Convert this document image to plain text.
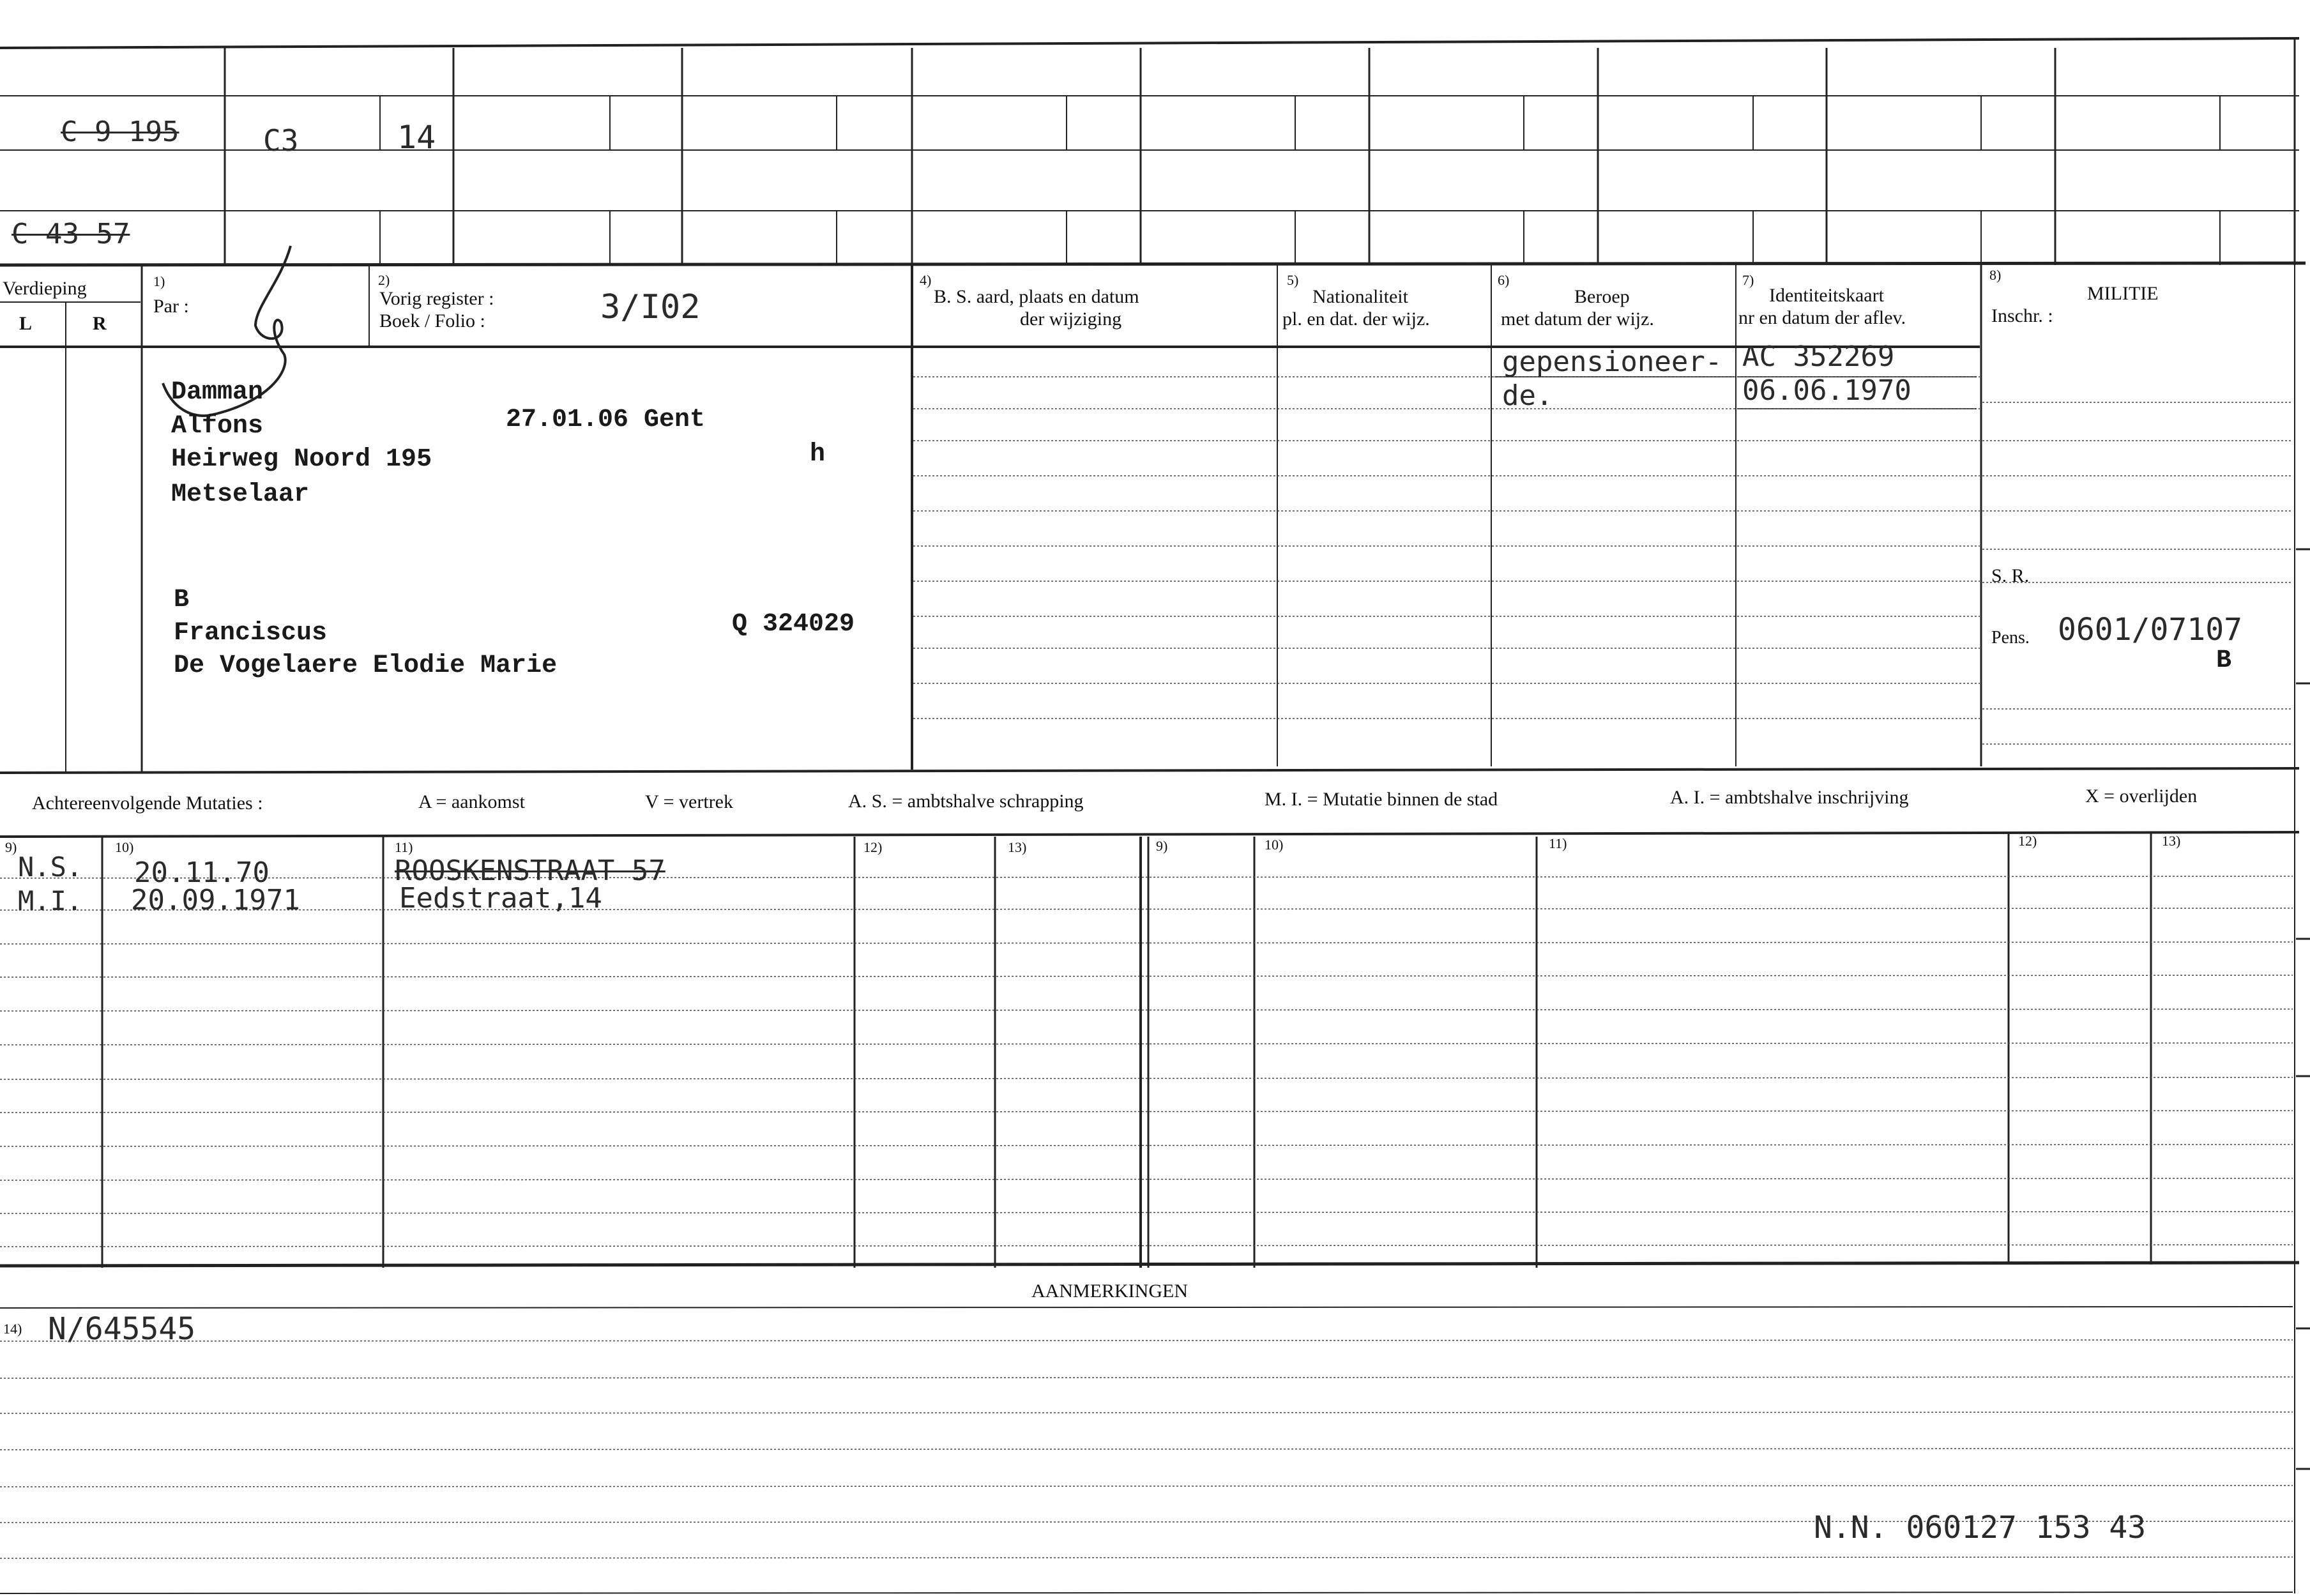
C 9 195	C3	14
C 43 57
Verdieping
L	R
1)
Par :
2)
Vorig register :
Boek / Folio :	3/I02
4)
B. S. aard, plaats en datum
der wijziging
5)
Nationaliteit
pl. en dat. der wijz.
6)
Beroep
met datum der wijz.
7)
Identiteitskaart
nr en datum der aflev.
8)
MILITIE
Inschr. :
Damman
Alfons	27.01.06 Gent
Heirweg Noord 195	h
Metselaar
B
Franciscus	Q 324029
De Vogelaere Elodie Marie
gepensioneer-
de.
AC 352269
06.06.1970
S. R.
Pens. 0601/07107
B
Achtereenvolgende Mutaties :	A = aankomst	V = vertrek	A. S. = ambtshalve schrapping	M. I. = Mutatie binnen de stad	A. I. = ambtshalve inschrijving	X = overlijden
9)	10)	11)	12)	13)	9)	10)	11)	12)	13)
N.S. 20.11.70	ROOSKENSTRAAT 57
M.I. 20.09.1971	Eedstraat,14
AANMERKINGEN
14) N/645545
N.N. 060127 153 43
